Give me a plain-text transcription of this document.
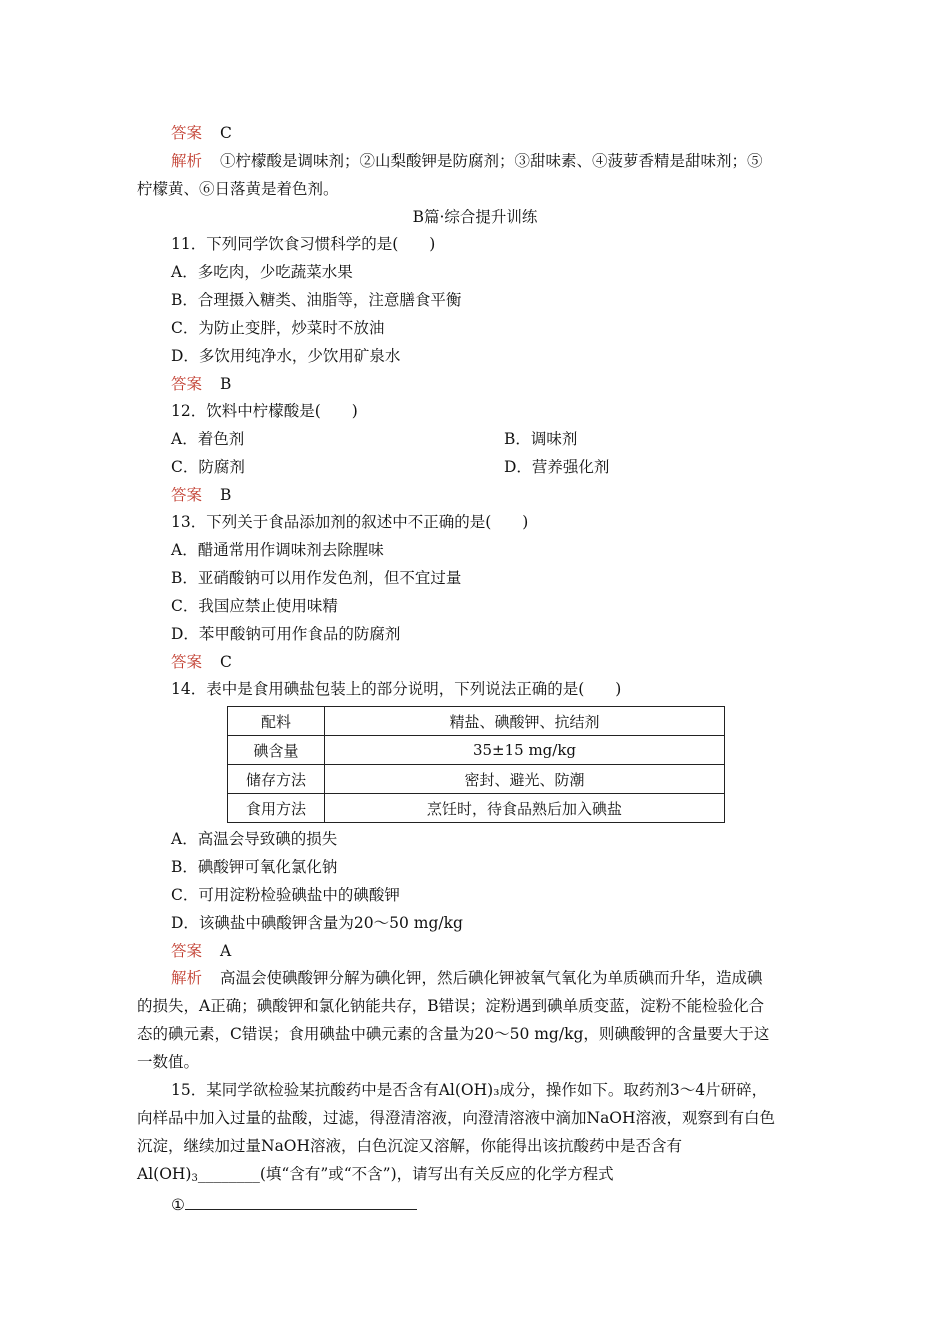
答案 C
解析 ①柠檬酸是调味剂；②山梨酸钾是防腐剂；③甜味素、④菠萝香精是甜味剂；⑤
柠檬黄、⑥日落黄是着色剂。
B篇·综合提升训练
11．下列同学饮食习惯科学的是(　　)
A．多吃肉，少吃蔬菜水果
B．合理摄入糖类、油脂等，注意膳食平衡
C．为防止变胖，炒菜时不放油
D．多饮用纯净水，少饮用矿泉水
答案 B
12．饮料中柠檬酸是(　　)
A．着色剂	B．调味剂
C．防腐剂	D．营养强化剂
答案 B
13．下列关于食品添加剂的叙述中不正确的是(　　)
A．醋通常用作调味剂去除腥味
B．亚硝酸钠可以用作发色剂，但不宜过量
C．我国应禁止使用味精
D．苯甲酸钠可用作食品的防腐剂
答案 C
14．表中是食用碘盐包装上的部分说明，下列说法正确的是(　　)
配料	精盐、碘酸钾、抗结剂
碘含量	35±15 mg/kg
储存方法	密封、避光、防潮
食用方法	烹饪时，待食品熟后加入碘盐
A．高温会导致碘的损失
B．碘酸钾可氧化氯化钠
C．可用淀粉检验碘盐中的碘酸钾
D．该碘盐中碘酸钾含量为20～50 mg/kg
答案 A
解析 高温会使碘酸钾分解为碘化钾，然后碘化钾被氧气氧化为单质碘而升华，造成碘
的损失，A正确；碘酸钾和氯化钠能共存，B错误；淀粉遇到碘单质变蓝，淀粉不能检验化合
态的碘元素，C错误；食用碘盐中碘元素的含量为20～50 mg/kg，则碘酸钾的含量要大于这
一数值。
15．某同学欲检验某抗酸药中是否含有Al(OH)₃成分，操作如下。取药剂3～4片研碎，
向样品中加入过量的盐酸，过滤，得澄清溶液，向澄清溶液中滴加NaOH溶液，观察到有白色
沉淀，继续加过量NaOH溶液，白色沉淀又溶解，你能得出该抗酸药中是否含有
$Al(OH)_3\_\_\_\_\_\_\_\_$(填“含有”或“不含”)，请写出有关反应的化学方程式
①
